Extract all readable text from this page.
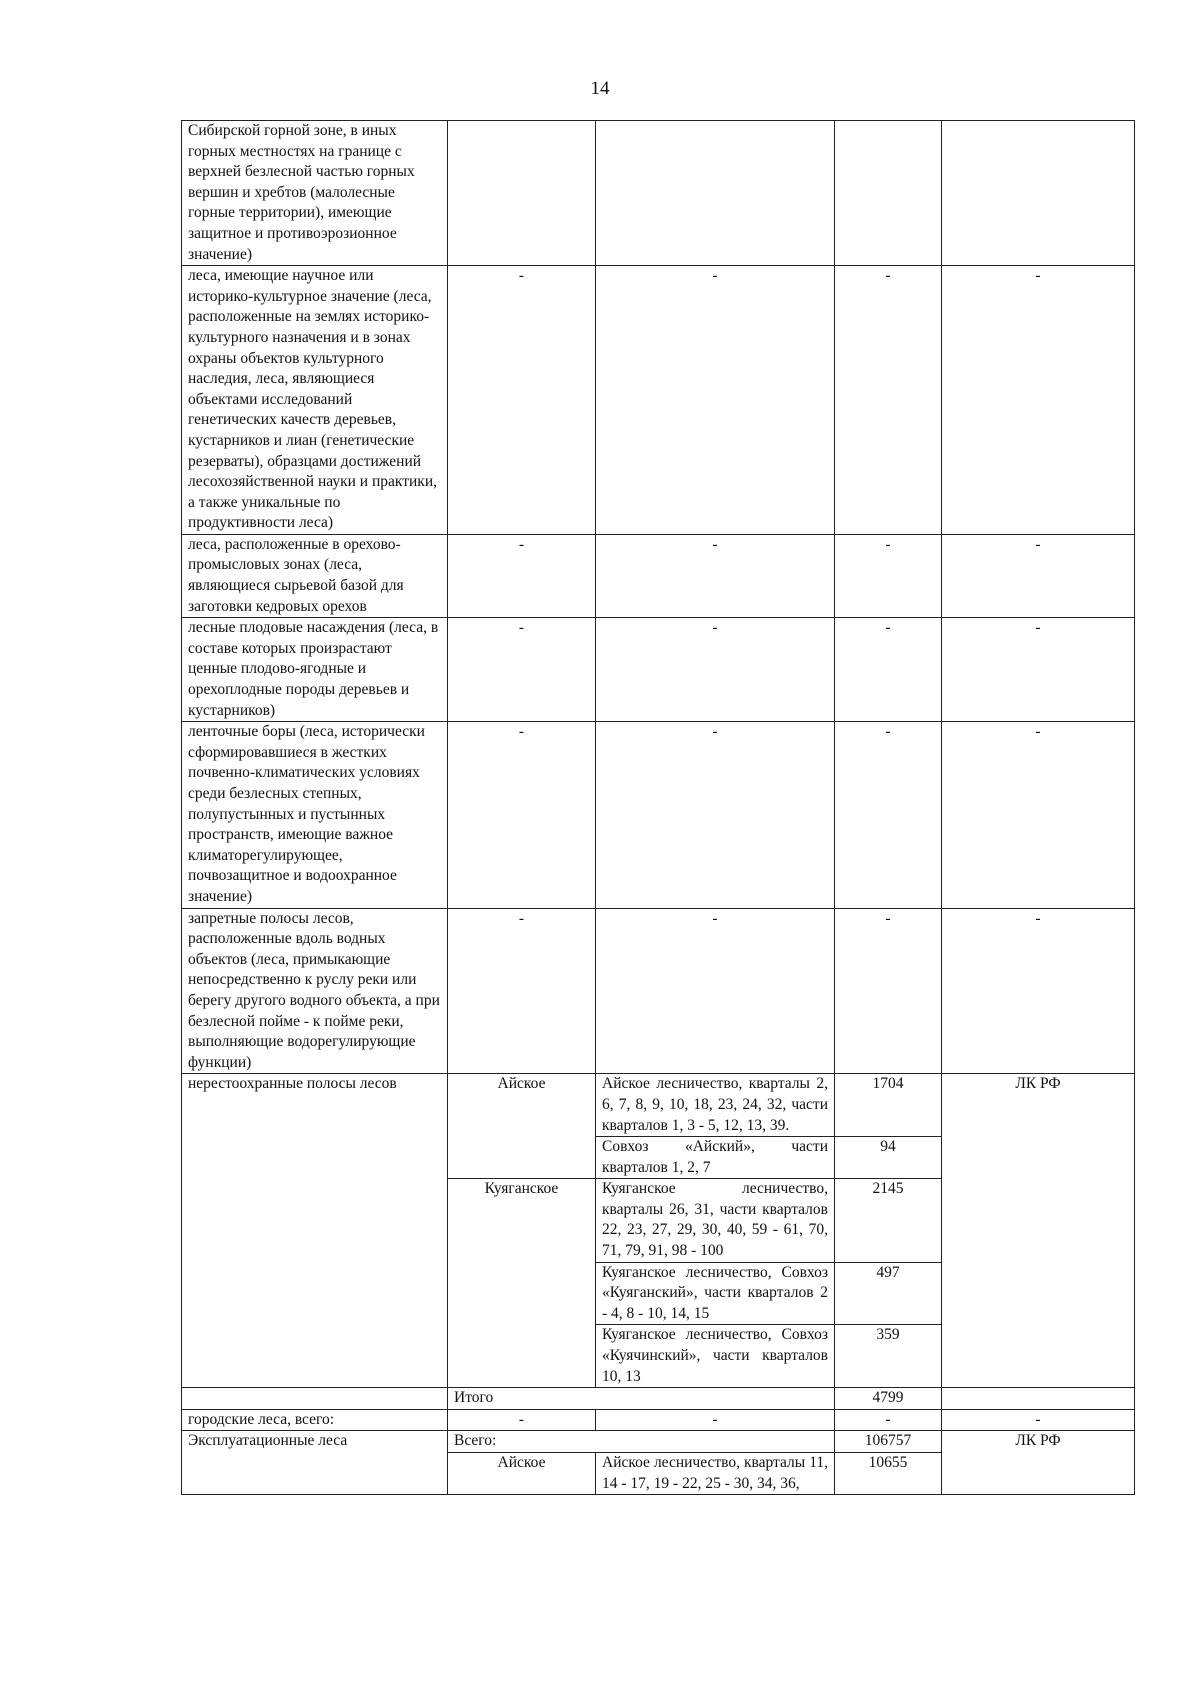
14
Сибирской горной зоне, в иных горных местностях на границе с верхней безлесной частью горных вершин и хребтов (малолесные горные территории), имеющие защитное и противоэрозионное значение)				
леса, имеющие научное или историко-культурное значение (леса, расположенные на землях историко-культурного назначения и в зонах охраны объектов культурного наследия, леса, являющиеся объектами исследований генетических качеств деревьев, кустарников и лиан (генетические резерваты), образцами достижений лесохозяйственной науки и практики, а также уникальные по продуктивности леса)	-	-	-	-
леса, расположенные в орехово-промысловых зонах (леса, являющиеся сырьевой базой для заготовки кедровых орехов	-	-	-	-
лесные плодовые насаждения (леса, в составе которых произрастают ценные плодово-ягодные и орехоплодные породы деревьев и кустарников)	-	-	-	-
ленточные боры (леса, исторически сформировавшиеся в жестких почвенно-климатических условиях среди безлесных степных, полупустынных и пустынных пространств, имеющие важное климаторегулирующее, почвозащитное и водоохранное значение)	-	-	-	-
запретные полосы лесов, расположенные вдоль водных объектов (леса, примыкающие непосредственно к руслу реки или берегу другого водного объекта, а при безлесной пойме - к пойме реки, выполняющие водорегулирующие функции)	-	-	-	-
нерестоохранные полосы лесов	Айское	Айское лесничество, кварталы 2, 6, 7, 8, 9, 10, 18, 23, 24, 32, части кварталов 1, 3 - 5, 12, 13, 39.	1704	ЛК РФ
		Совхоз «Айский», части кварталов 1, 2, 7	94	
	Куяганское	Куяганское лесничество, кварталы 26, 31, части кварталов 22, 23, 27, 29, 30, 40, 59 - 61, 70, 71, 79, 91, 98 - 100	2145	
		Куяганское лесничество, Совхоз «Куяганский», части кварталов 2 - 4, 8 - 10, 14, 15	497	
		Куяганское лесничество, Совхоз «Куячинский», части кварталов 10, 13	359	
	Итого		4799	
городские леса, всего:	-	-	-	-
Эксплуатационные леса	Всего:		106757	ЛК РФ
	Айское	Айское лесничество, кварталы 11, 14 - 17, 19 - 22, 25 - 30, 34, 36,	10655	
